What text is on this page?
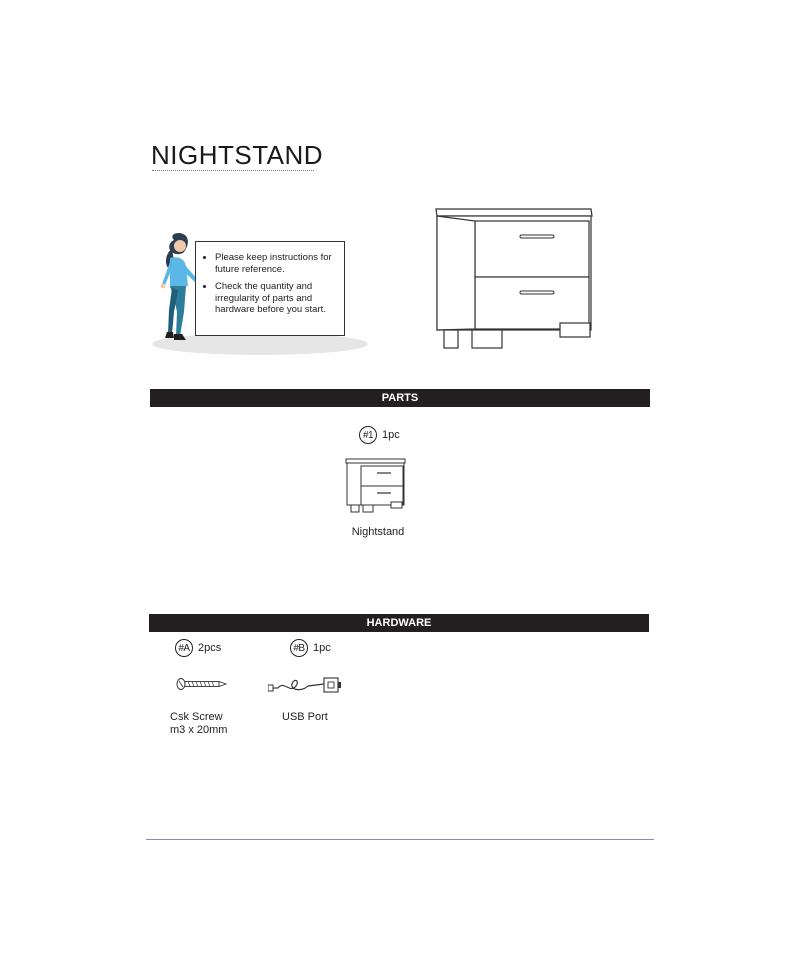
NIGHTSTAND
• Please keep instructions for future reference.
• Check the quantity and irregularity of parts and hardware before you start.
PARTS
#1 1pc
Nightstand
HARDWARE
#A 2pcs
Csk Screw
m3 x 20mm
#B 1pc
USB Port
